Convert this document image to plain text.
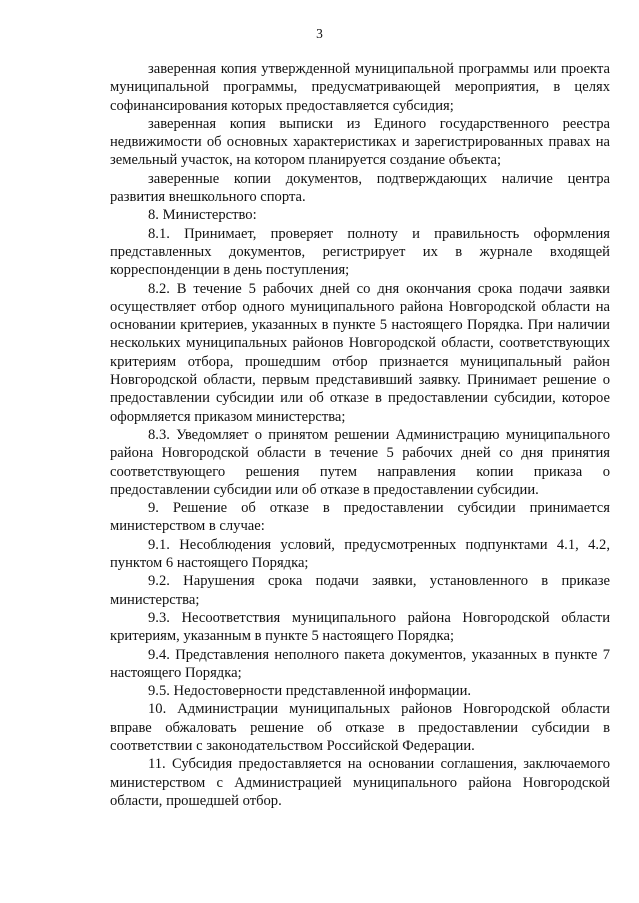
3

заверенная копия утвержденной муниципальной программы или проекта муниципальной программы, предусматривающей мероприятия, в целях софинансирования которых предоставляется субсидия;

заверенная копия выписки из Единого государственного реестра недвижимости об основных характеристиках и зарегистрированных правах на земельный участок, на котором планируется создание объекта;

заверенные копии документов, подтверждающих наличие центра развития внешкольного спорта.

8. Министерство:

8.1. Принимает, проверяет полноту и правильность оформления представленных документов, регистрирует их в журнале входящей корреспонденции в день поступления;

8.2. В течение 5 рабочих дней со дня окончания срока подачи заявки осуществляет отбор одного муниципального района Новгородской области на основании критериев, указанных в пункте 5 настоящего Порядка. При наличии нескольких муниципальных районов Новгородской области, соответствующих критериям отбора, прошедшим отбор признается муниципальный район Новгородской области, первым представивший заявку. Принимает решение о предоставлении субсидии или об отказе в предоставлении субсидии, которое оформляется приказом министерства;

8.3. Уведомляет о принятом решении Администрацию муниципального района Новгородской области в течение 5 рабочих дней со дня принятия соответствующего решения путем направления копии приказа о предоставлении субсидии или об отказе в предоставлении субсидии.

9. Решение об отказе в предоставлении субсидии принимается министерством в случае:

9.1. Несоблюдения условий, предусмотренных подпунктами 4.1, 4.2, пунктом 6 настоящего Порядка;

9.2. Нарушения срока подачи заявки, установленного в приказе министерства;

9.3. Несоответствия муниципального района Новгородской области критериям, указанным в пункте 5 настоящего Порядка;

9.4. Представления неполного пакета документов, указанных в пункте 7 настоящего Порядка;

9.5. Недостоверности представленной информации.

10. Администрации муниципальных районов Новгородской области вправе обжаловать решение об отказе в предоставлении субсидии в соответствии с законодательством Российской Федерации.

11. Субсидия предоставляется на основании соглашения, заключаемого министерством с Администрацией муниципального района Новгородской области, прошедшей отбор.
